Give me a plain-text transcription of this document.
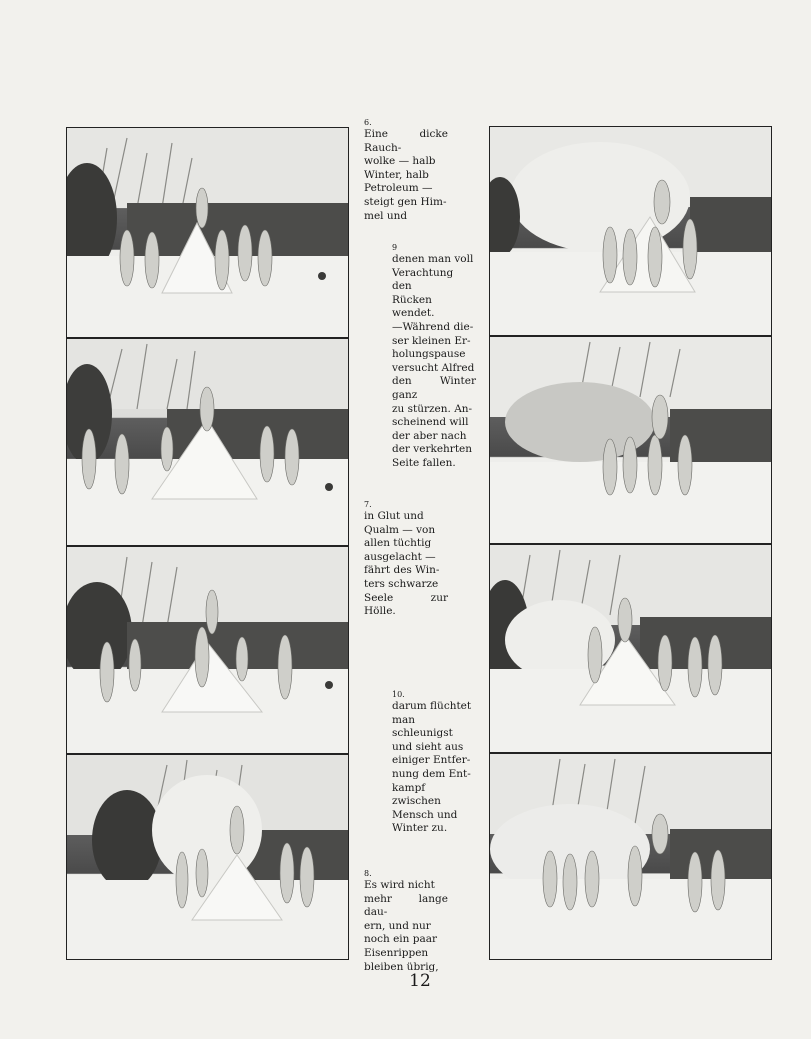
6.
Eine dicke Rauch-
wolke — halb
Winter, halb
Petroleum —
steigt gen Him-
mel und
9
denen man voll
Verachtung den
Rücken wendet.
—Während die-
ser kleinen Er-
holungspause
versucht Alfred
den Winter ganz
zu stürzen. An-
scheinend will
der aber nach
der verkehrten
Seite fallen.
7.
in Glut und
Qualm — von
allen tüchtig
ausgelacht —
fährt des Win-
ters schwarze
Seele zur Hölle.
10.
darum flüchtet
man schleunigst
und sieht aus
einiger Entfer-
nung dem Ent-
kampf zwischen
Mensch und
Winter zu.
8.
Es wird nicht
mehr lange dau-
ern, und nur
noch ein paar
Eisenrippen
bleiben übrig,
12
